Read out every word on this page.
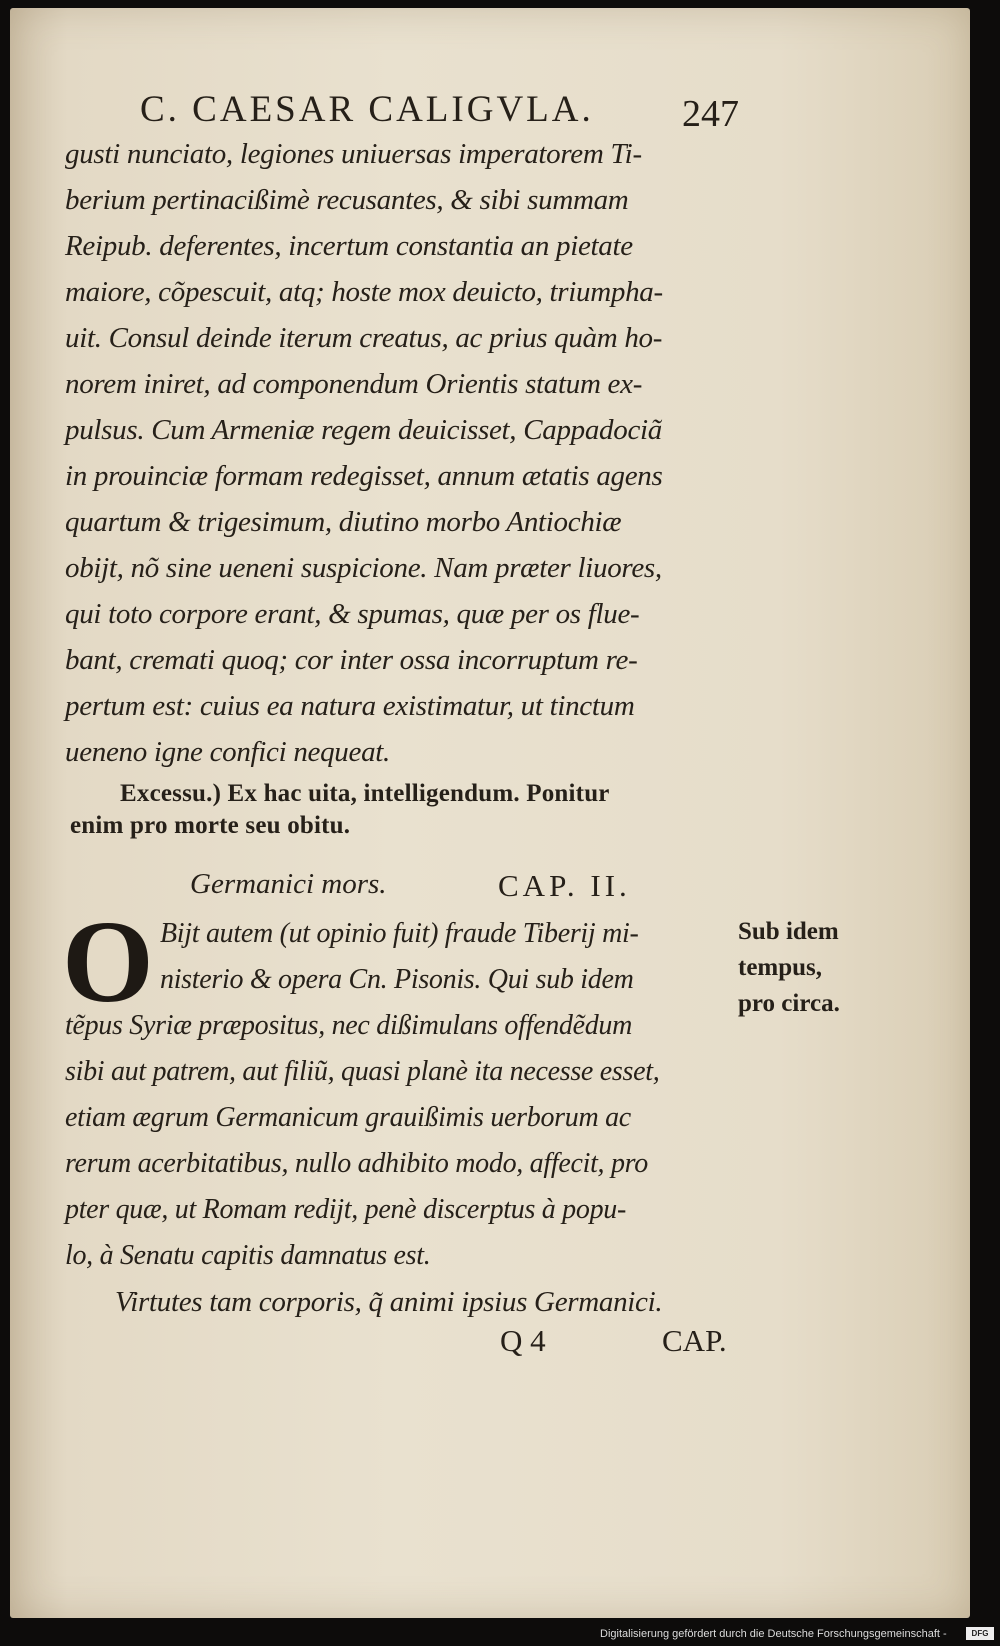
C. CAESAR CALIGVLA. 247

gusti nunciato, legiones uniuersas imperatorem Ti-

berium pertinacißimè recusantes, & sibi summam

Reipub. deferentes, incertum constantia an pietate

maiore, cõpescuit, atq; hoste mox deuicto, triumpha-

uit. Consul deinde iterum creatus, ac prius quàm ho-

norem iniret, ad componendum Orientis statum ex-

pulsus. Cum Armeniæ regem deuicisset, Cappadociã

in prouinciæ formam redegisset, annum ætatis agens

quartum & trigesimum, diutino morbo Antiochiæ

obijt, nõ sine ueneni suspicione. Nam præter liuores,

qui toto corpore erant, & spumas, quæ per os flue-

bant, cremati quoq; cor inter ossa incorruptum re-

pertum est: cuius ea natura existimatur, ut tinctum

ueneno igne confici nequeat.

Excessu.) Ex hac uita, intelligendum. Ponitur

enim pro morte seu obitu.

Germanici mors.	CAP. II.

O Bijt autem (ut opinio fuit) fraude Tiberij mi-

nisterio & opera Cn. Pisonis. Qui sub idem

tẽpus Syriæ præpositus, nec dißimulans offendẽdum

sibi aut patrem, aut filiũ, quasi planè ita necesse esset,

etiam ægrum Germanicum grauißimis uerborum ac

rerum acerbitatibus, nullo adhibito modo, affecit, pro

pter quæ, ut Romam redijt, penè discerptus à popu-

lo, à Senatu capitis damnatus est.

Virtutes tam corporis, q̃ animi ipsius Germanici.

Sub idem

tempus,

pro circa.

Q 4	CAP.

Digitalisierung gefördert durch die Deutsche Forschungsgemeinschaft -	DFG
